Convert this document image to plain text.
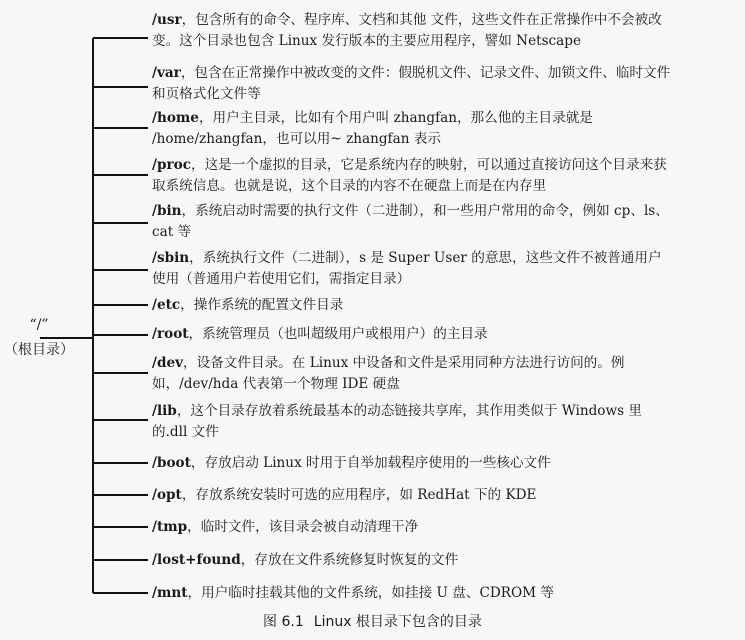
“/”
（根目录）
/usr，包含所有的命令、程序库、文档和其他 文件，这些文件在正常操作中不会被改变。这个目录也包含 Linux 发行版本的主要应用程序，譬如 Netscape
/var，包含在正常操作中被改变的文件：假脱机文件、记录文件、加锁文件、临时文件和页格式化文件等
/home，用户主目录，比如有个用户叫 zhangfan，那么他的主目录就是 /home/zhangfan，也可以用~ zhangfan 表示
/proc，这是一个虚拟的目录，它是系统内存的映射，可以通过直接访问这个目录来获取系统信息。也就是说，这个目录的内容不在硬盘上而是在内存里
/bin，系统启动时需要的执行文件（二进制），和一些用户常用的命令，例如 cp、ls、cat 等
/sbin，系统执行文件（二进制），s 是 Super User 的意思，这些文件不被普通用户使用（普通用户若使用它们，需指定目录）
/etc，操作系统的配置文件目录
/root，系统管理员（也叫超级用户或根用户）的主目录
/dev，设备文件目录。在 Linux 中设备和文件是采用同种方法进行访问的。例如，/dev/hda 代表第一个物理 IDE 硬盘
/lib，这个目录存放着系统最基本的动态链接共享库，其作用类似于 Windows 里的.dll 文件
/boot，存放启动 Linux 时用于自举加载程序使用的一些核心文件
/opt，存放系统安装时可选的应用程序，如 RedHat 下的 KDE
/tmp，临时文件，该目录会被自动清理干净
/lost+found，存放在文件系统修复时恢复的文件
/mnt，用户临时挂载其他的文件系统，如挂接 U 盘、CDROM 等
图 6.1 Linux 根目录下包含的目录
